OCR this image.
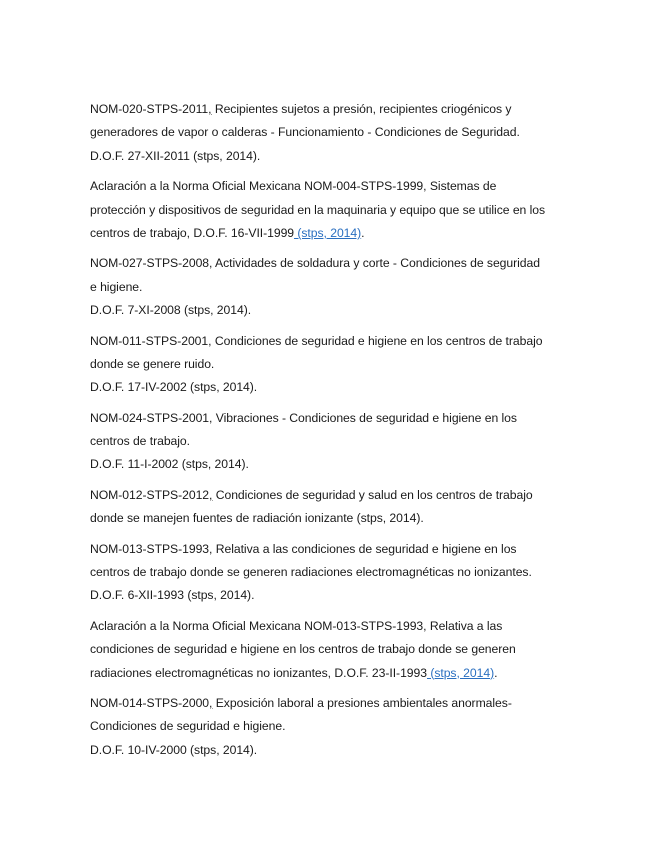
NOM-020-STPS-2011, Recipientes sujetos a presión, recipientes criogénicos y
generadores de vapor o calderas - Funcionamiento - Condiciones de Seguridad.
D.O.F. 27-XII-2011 (stps, 2014).
Aclaración a la Norma Oficial Mexicana NOM-004-STPS-1999, Sistemas de
protección y dispositivos de seguridad en la maquinaria y equipo que se utilice en los
centros de trabajo, D.O.F. 16-VII-1999 (stps, 2014).
NOM-027-STPS-2008, Actividades de soldadura y corte - Condiciones de seguridad
e higiene.
D.O.F. 7-XI-2008 (stps, 2014).
NOM-011-STPS-2001, Condiciones de seguridad e higiene en los centros de trabajo
donde se genere ruido.
D.O.F. 17-IV-2002 (stps, 2014).
NOM-024-STPS-2001, Vibraciones - Condiciones de seguridad e higiene en los
centros de trabajo.
D.O.F. 11-I-2002 (stps, 2014).
NOM-012-STPS-2012, Condiciones de seguridad y salud en los centros de trabajo
donde se manejen fuentes de radiación ionizante (stps, 2014).
NOM-013-STPS-1993, Relativa a las condiciones de seguridad e higiene en los
centros de trabajo donde se generen radiaciones electromagnéticas no ionizantes.
D.O.F. 6-XII-1993 (stps, 2014).
Aclaración a la Norma Oficial Mexicana NOM-013-STPS-1993, Relativa a las
condiciones de seguridad e higiene en los centros de trabajo donde se generen
radiaciones electromagnéticas no ionizantes, D.O.F. 23-II-1993 (stps, 2014).
NOM-014-STPS-2000, Exposición laboral a presiones ambientales anormales-
Condiciones de seguridad e higiene.
D.O.F. 10-IV-2000 (stps, 2014).
